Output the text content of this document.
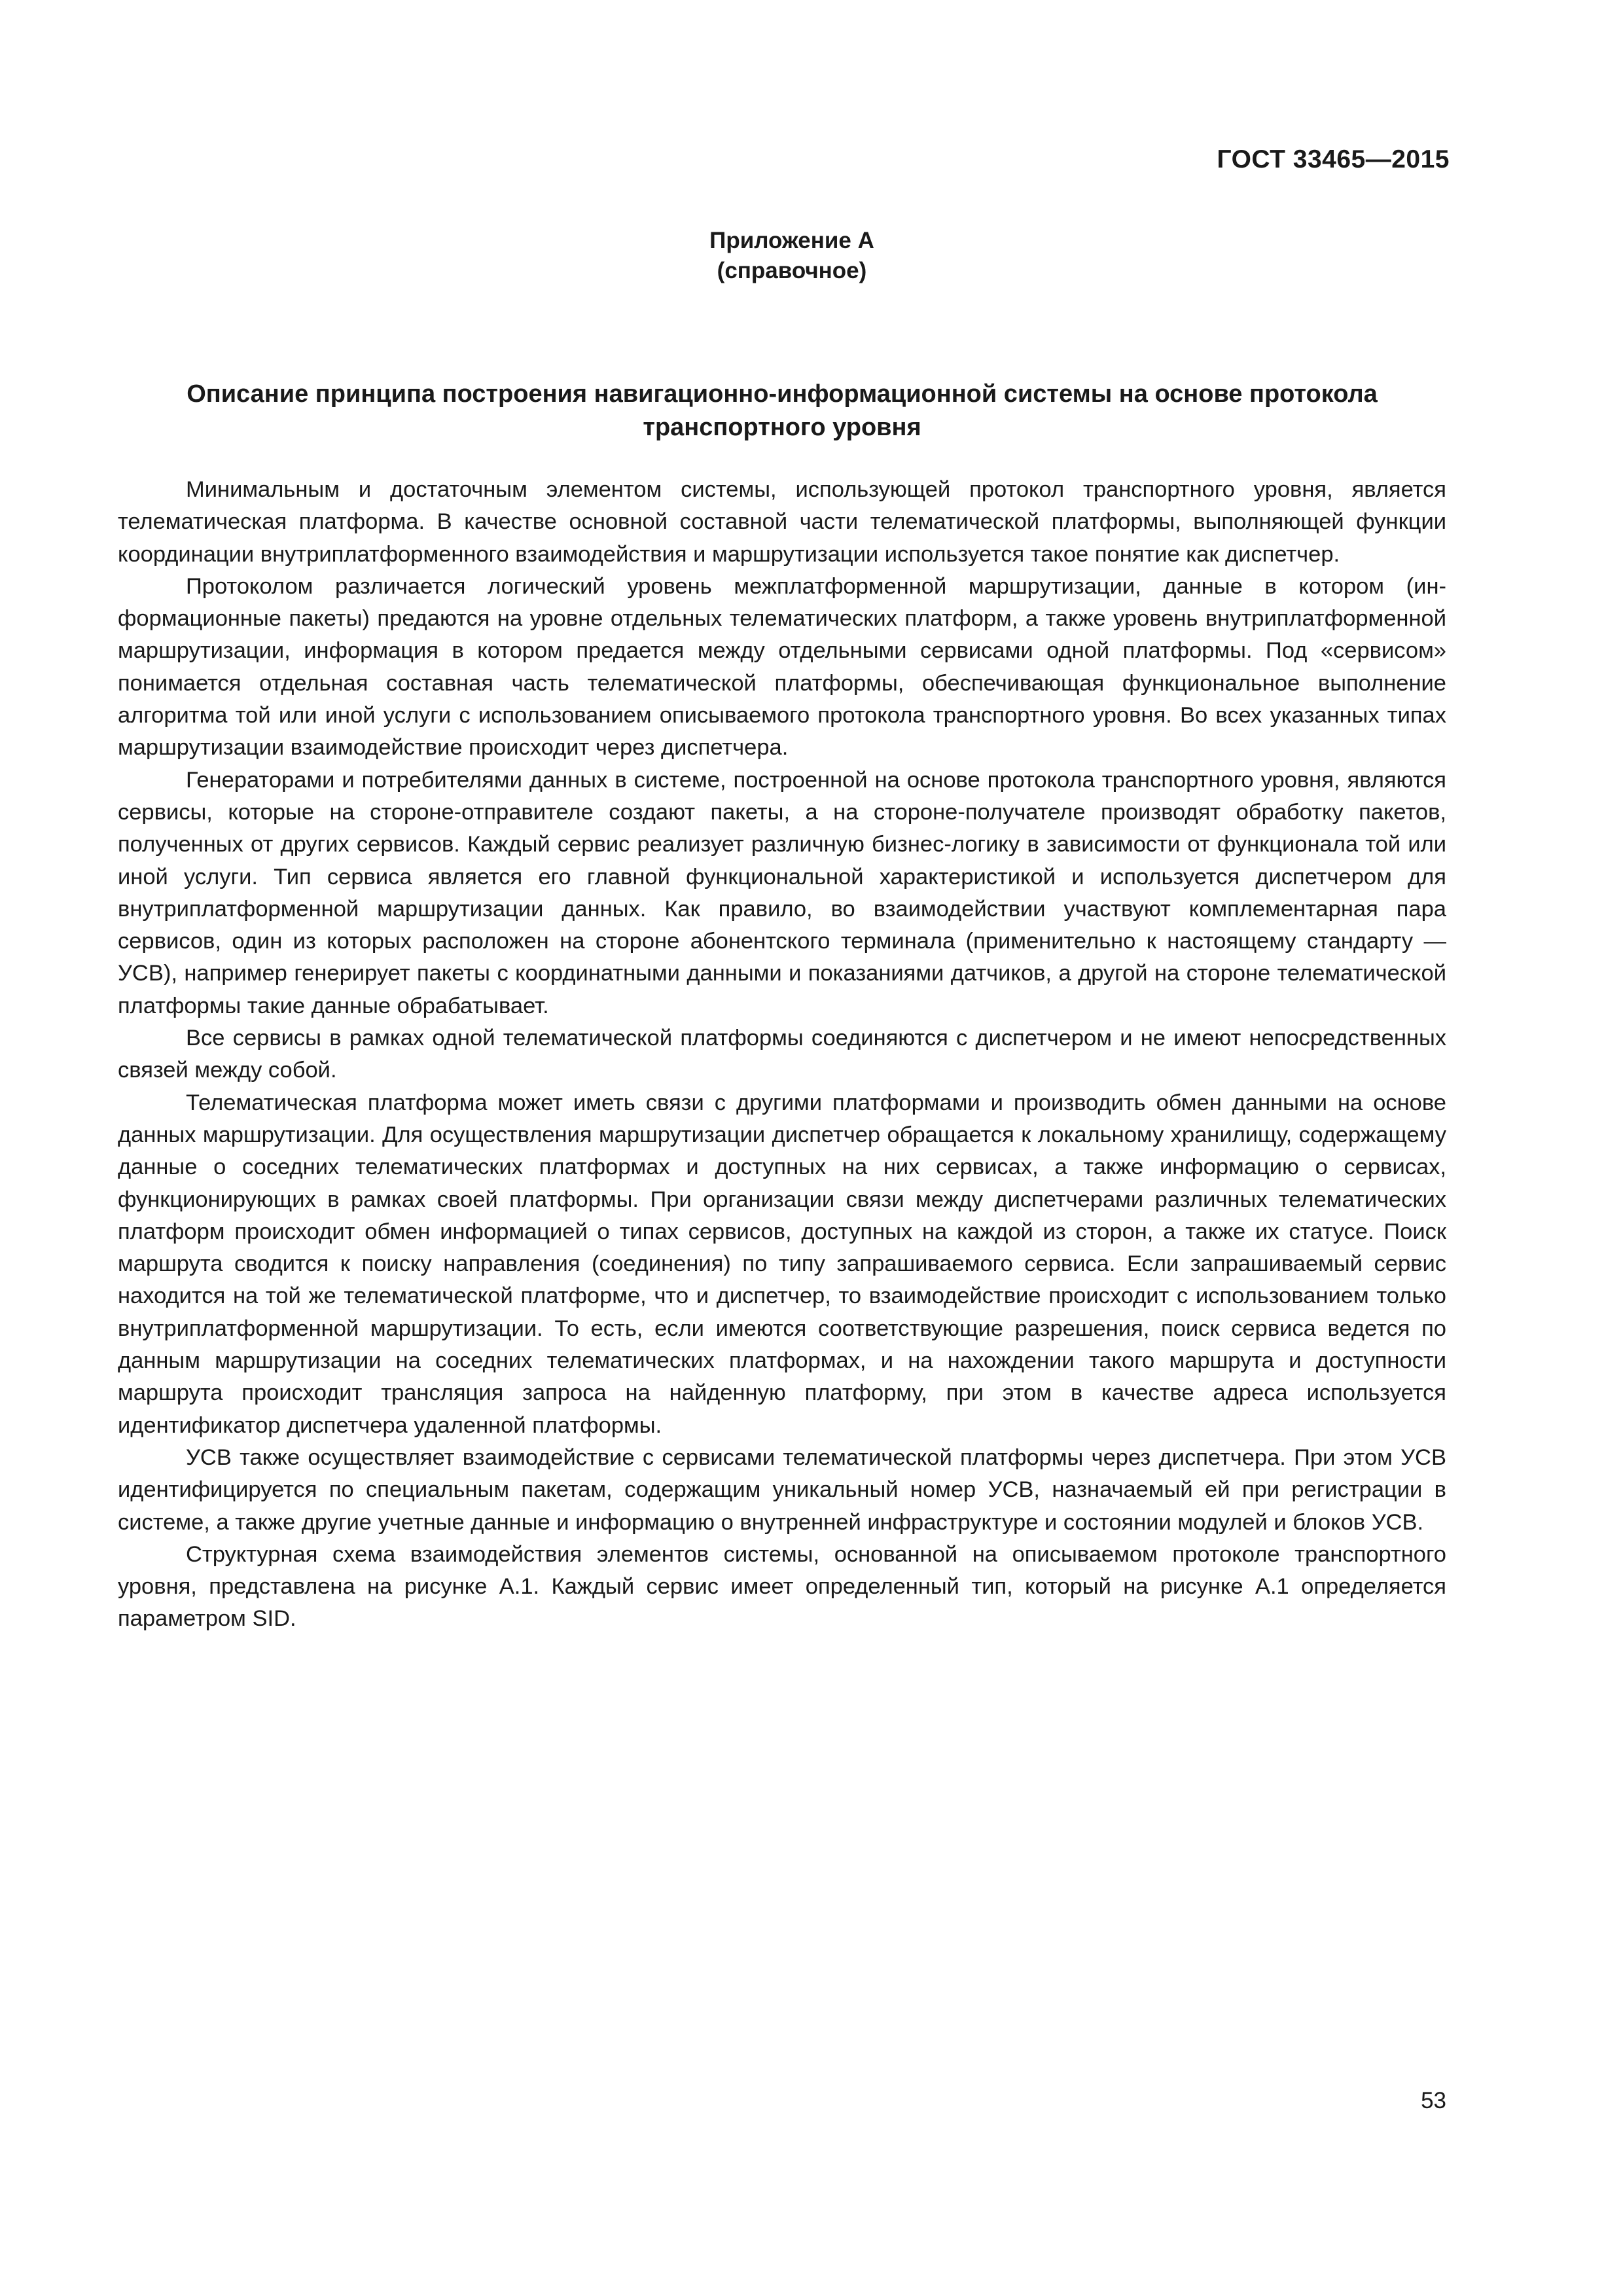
ГОСТ 33465—2015
Приложение А
(справочное)
Описание принципа построения навигационно-информационной системы на основе протокола
транспортного уровня

Минимальным и достаточным элементом системы, использующей протокол транспортного уровня, является телематическая платформа. В качестве основной составной части телематической платформы, выполняющей функции координации внутриплатформенного взаимодействия и маршрутизации используется такое понятие как диспетчер.

Протоколом различается логический уровень межплатформенной маршрутизации, данные в котором (информационные пакеты) предаются на уровне отдельных телематических платформ, а также уровень внутриплатформенной маршрутизации, информация в котором предается между отдельными сервисами одной платформы. Под «сервисом» понимается отдельная составная часть телематической платформы, обеспечивающая функциональное выполнение алгоритма той или иной услуги с использованием описываемого протокола транспортного уровня. Во всех указанных типах маршрутизации взаимодействие происходит через диспетчера.

Генераторами и потребителями данных в системе, построенной на основе протокола транспортного уровня, являются сервисы, которые на стороне-отправителе создают пакеты, а на стороне-получателе производят обработку пакетов, полученных от других сервисов. Каждый сервис реализует различную бизнес-логику в зависимости от функционала той или иной услуги. Тип сервиса является его главной функциональной характеристикой и используется диспетчером для внутриплатформенной маршрутизации данных. Как правило, во взаимодействии участвуют комплементарная пара сервисов, один из которых расположен на стороне абонентского терминала (применительно к настоящему стандарту — УСВ), например генерирует пакеты с координатными данными и показаниями датчиков, а другой на стороне телематической платформы такие данные обрабатывает.

Все сервисы в рамках одной телематической платформы соединяются с диспетчером и не имеют непосредственных связей между собой.

Телематическая платформа может иметь связи с другими платформами и производить обмен данными на основе данных маршрутизации. Для осуществления маршрутизации диспетчер обращается к локальному хранилищу, содержащему данные о соседних телематических платформах и доступных на них сервисах, а также информацию о сервисах, функционирующих в рамках своей платформы. При организации связи между диспетчерами различных телематических платформ происходит обмен информацией о типах сервисов, доступных на каждой из сторон, а также их статусе. Поиск маршрута сводится к поиску направления (соединения) по типу запрашиваемого сервиса. Если запрашиваемый сервис находится на той же телематической платформе, что и диспетчер, то взаимодействие происходит с использованием только внутриплатформенной маршрутизации. То есть, если имеются соответствующие разрешения, поиск сервиса ведется по данным маршрутизации на соседних телематических платформах, и на нахождении такого маршрута и доступности маршрута происходит трансляция запроса на найденную платформу, при этом в качестве адреса используется идентификатор диспетчера удаленной платформы.

УСВ также осуществляет взаимодействие с сервисами телематической платформы через диспетчера. При этом УСВ идентифицируется по специальным пакетам, содержащим уникальный номер УСВ, назначаемый ей при регистрации в системе, а также другие учетные данные и информацию о внутренней инфраструктуре и состоянии модулей и блоков УСВ.

Структурная схема взаимодействия элементов системы, основанной на описываемом протоколе транспортного уровня, представлена на рисунке А.1. Каждый сервис имеет определенный тип, который на рисунке А.1 определяется параметром SID.

53
